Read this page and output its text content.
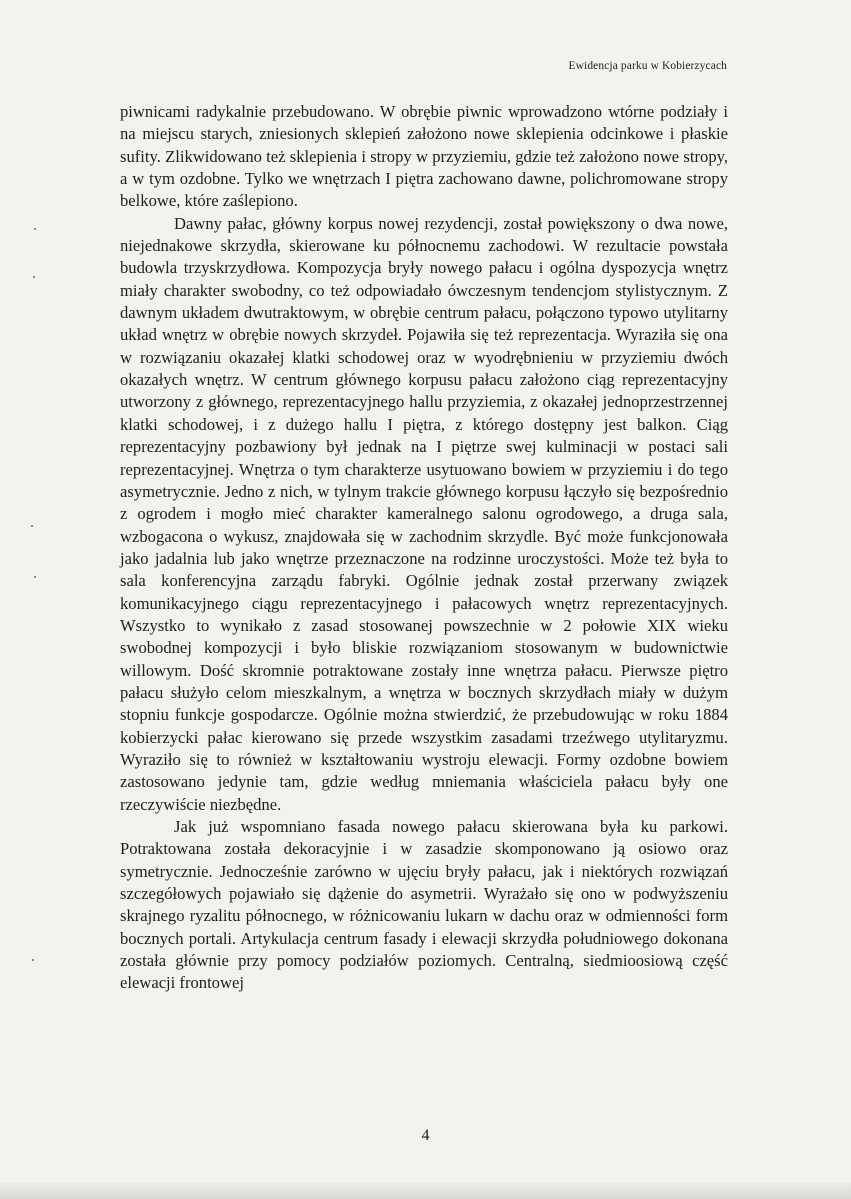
Ewidencja parku w Kobierzycach

piwnicami radykalnie przebudowano. W obrębie piwnic wprowadzono wtórne podziały i na miejscu starych, zniesionych sklepień założono nowe sklepienia odcinkowe i płaskie sufity. Zlikwidowano też sklepienia i stropy w przyziemiu, gdzie też założono nowe stropy, a w tym ozdobne. Tylko we wnętrzach I piętra zachowano dawne, polichromowane stropy belkowe, które zaślepiono.

Dawny pałac, główny korpus nowej rezydencji, został powiększony o dwa nowe, niejednakowe skrzydła, skierowane ku północnemu zachodowi. W rezultacie powstała budowla trzyskrzydłowa. Kompozycja bryły nowego pałacu i ogólna dyspozycja wnętrz miały charakter swobodny, co też odpowiadało ówczesnym tendencjom stylistycznym. Z dawnym układem dwutraktowym, w obrębie centrum pałacu, połączono typowo utylitarny układ wnętrz w obrębie nowych skrzydeł. Pojawiła się też reprezentacja. Wyraziła się ona w rozwiązaniu okazałej klatki schodowej oraz w wyodrębnieniu w przyziemiu dwóch okazałych wnętrz. W centrum głównego korpusu pałacu założono ciąg reprezentacyjny utworzony z głównego, reprezentacyjnego hallu przyziemia, z okazałej jednoprzestrzennej klatki schodowej, i z dużego hallu I piętra, z którego dostępny jest balkon. Ciąg reprezentacyjny pozbawiony był jednak na I piętrze swej kulminacji w postaci sali reprezentacyjnej. Wnętrza o tym charakterze usytuowano bowiem w przyziemiu i do tego asymetrycznie. Jedno z nich, w tylnym trakcie głównego korpusu łączyło się bezpośrednio z ogrodem i mogło mieć charakter kameralnego salonu ogrodowego, a druga sala, wzbogacona o wykusz, znajdowała się w zachodnim skrzydle. Być może funkcjonowała jako jadalnia lub jako wnętrze przeznaczone na rodzinne uroczystości. Może też była to sala konferencyjna zarządu fabryki. Ogólnie jednak został przerwany związek komunikacyjnego ciągu reprezentacyjnego i pałacowych wnętrz reprezentacyjnych. Wszystko to wynikało z zasad stosowanej powszechnie w 2 połowie XIX wieku swobodnej kompozycji i było bliskie rozwiązaniom stosowanym w budownictwie willowym. Dość skromnie potraktowane zostały inne wnętrza pałacu. Pierwsze piętro pałacu służyło celom mieszkalnym, a wnętrza w bocznych skrzydłach miały w dużym stopniu funkcje gospodarcze. Ogólnie można stwierdzić, że przebudowując w roku 1884 kobierzycki pałac kierowano się przede wszystkim zasadami trzeźwego utylitaryzmu. Wyraziło się to również w kształtowaniu wystroju elewacji. Formy ozdobne bowiem zastosowano jedynie tam, gdzie według mniemania właściciela pałacu były one rzeczywiście niezbędne.

Jak już wspomniano fasada nowego pałacu skierowana była ku parkowi. Potraktowana została dekoracyjnie i w zasadzie skomponowano ją osiowo oraz symetrycznie. Jednocześnie zarówno w ujęciu bryły pałacu, jak i niektórych rozwiązań szczegółowych pojawiało się dążenie do asymetrii. Wyrażało się ono w podwyższeniu skrajnego ryzalitu północnego, w różnicowaniu lukarn w dachu oraz w odmienności form bocznych portali. Artykulacja centrum fasady i elewacji skrzydła południowego dokonana została głównie przy pomocy podziałów poziomych. Centralną, siedmioosiową część elewacji frontowej

4
